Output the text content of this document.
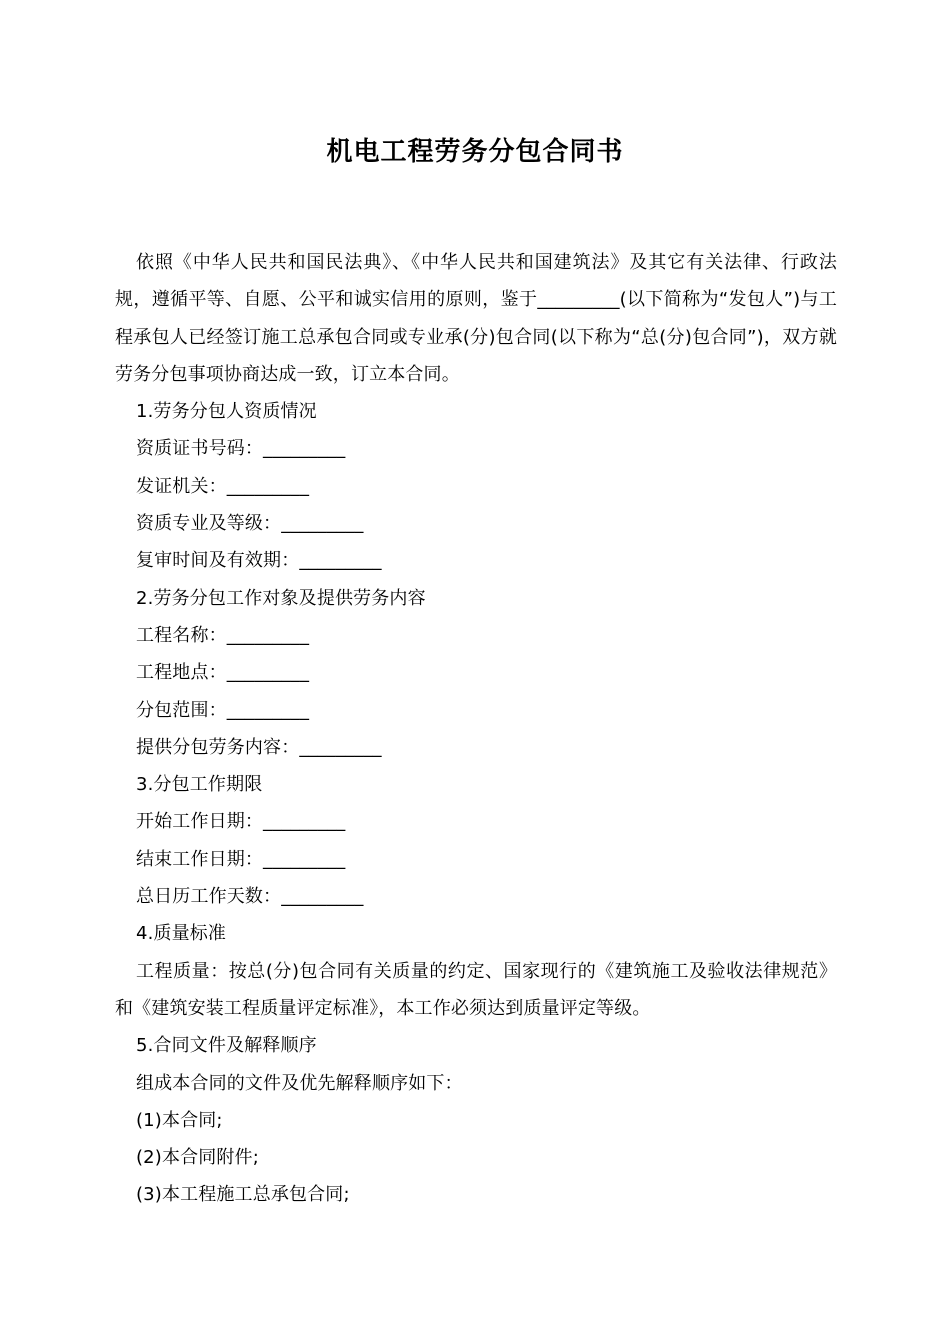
机电工程劳务分包合同书

依照《中华人民共和国民法典》、《中华人民共和国建筑法》及其它有关法律、行政法规，遵循平等、自愿、公平和诚实信用的原则，鉴于_________(以下简称为“发包人”)与工程承包人已经签订施工总承包合同或专业承(分)包合同(以下称为“总(分)包合同”)，双方就劳务分包事项协商达成一致，订立本合同。

1.劳务分包人资质情况

资质证书号码：_________

发证机关：_________

资质专业及等级：_________

复审时间及有效期：_________

2.劳务分包工作对象及提供劳务内容

工程名称：_________

工程地点：_________

分包范围：_________

提供分包劳务内容：_________

3.分包工作期限

开始工作日期：_________

结束工作日期：_________

总日历工作天数：_________

4.质量标准

工程质量：按总(分)包合同有关质量的约定、国家现行的《建筑施工及验收法律规范》和《建筑安装工程质量评定标准》，本工作必须达到质量评定等级。

5.合同文件及解释顺序

组成本合同的文件及优先解释顺序如下：

(1)本合同;

(2)本合同附件;

(3)本工程施工总承包合同;
